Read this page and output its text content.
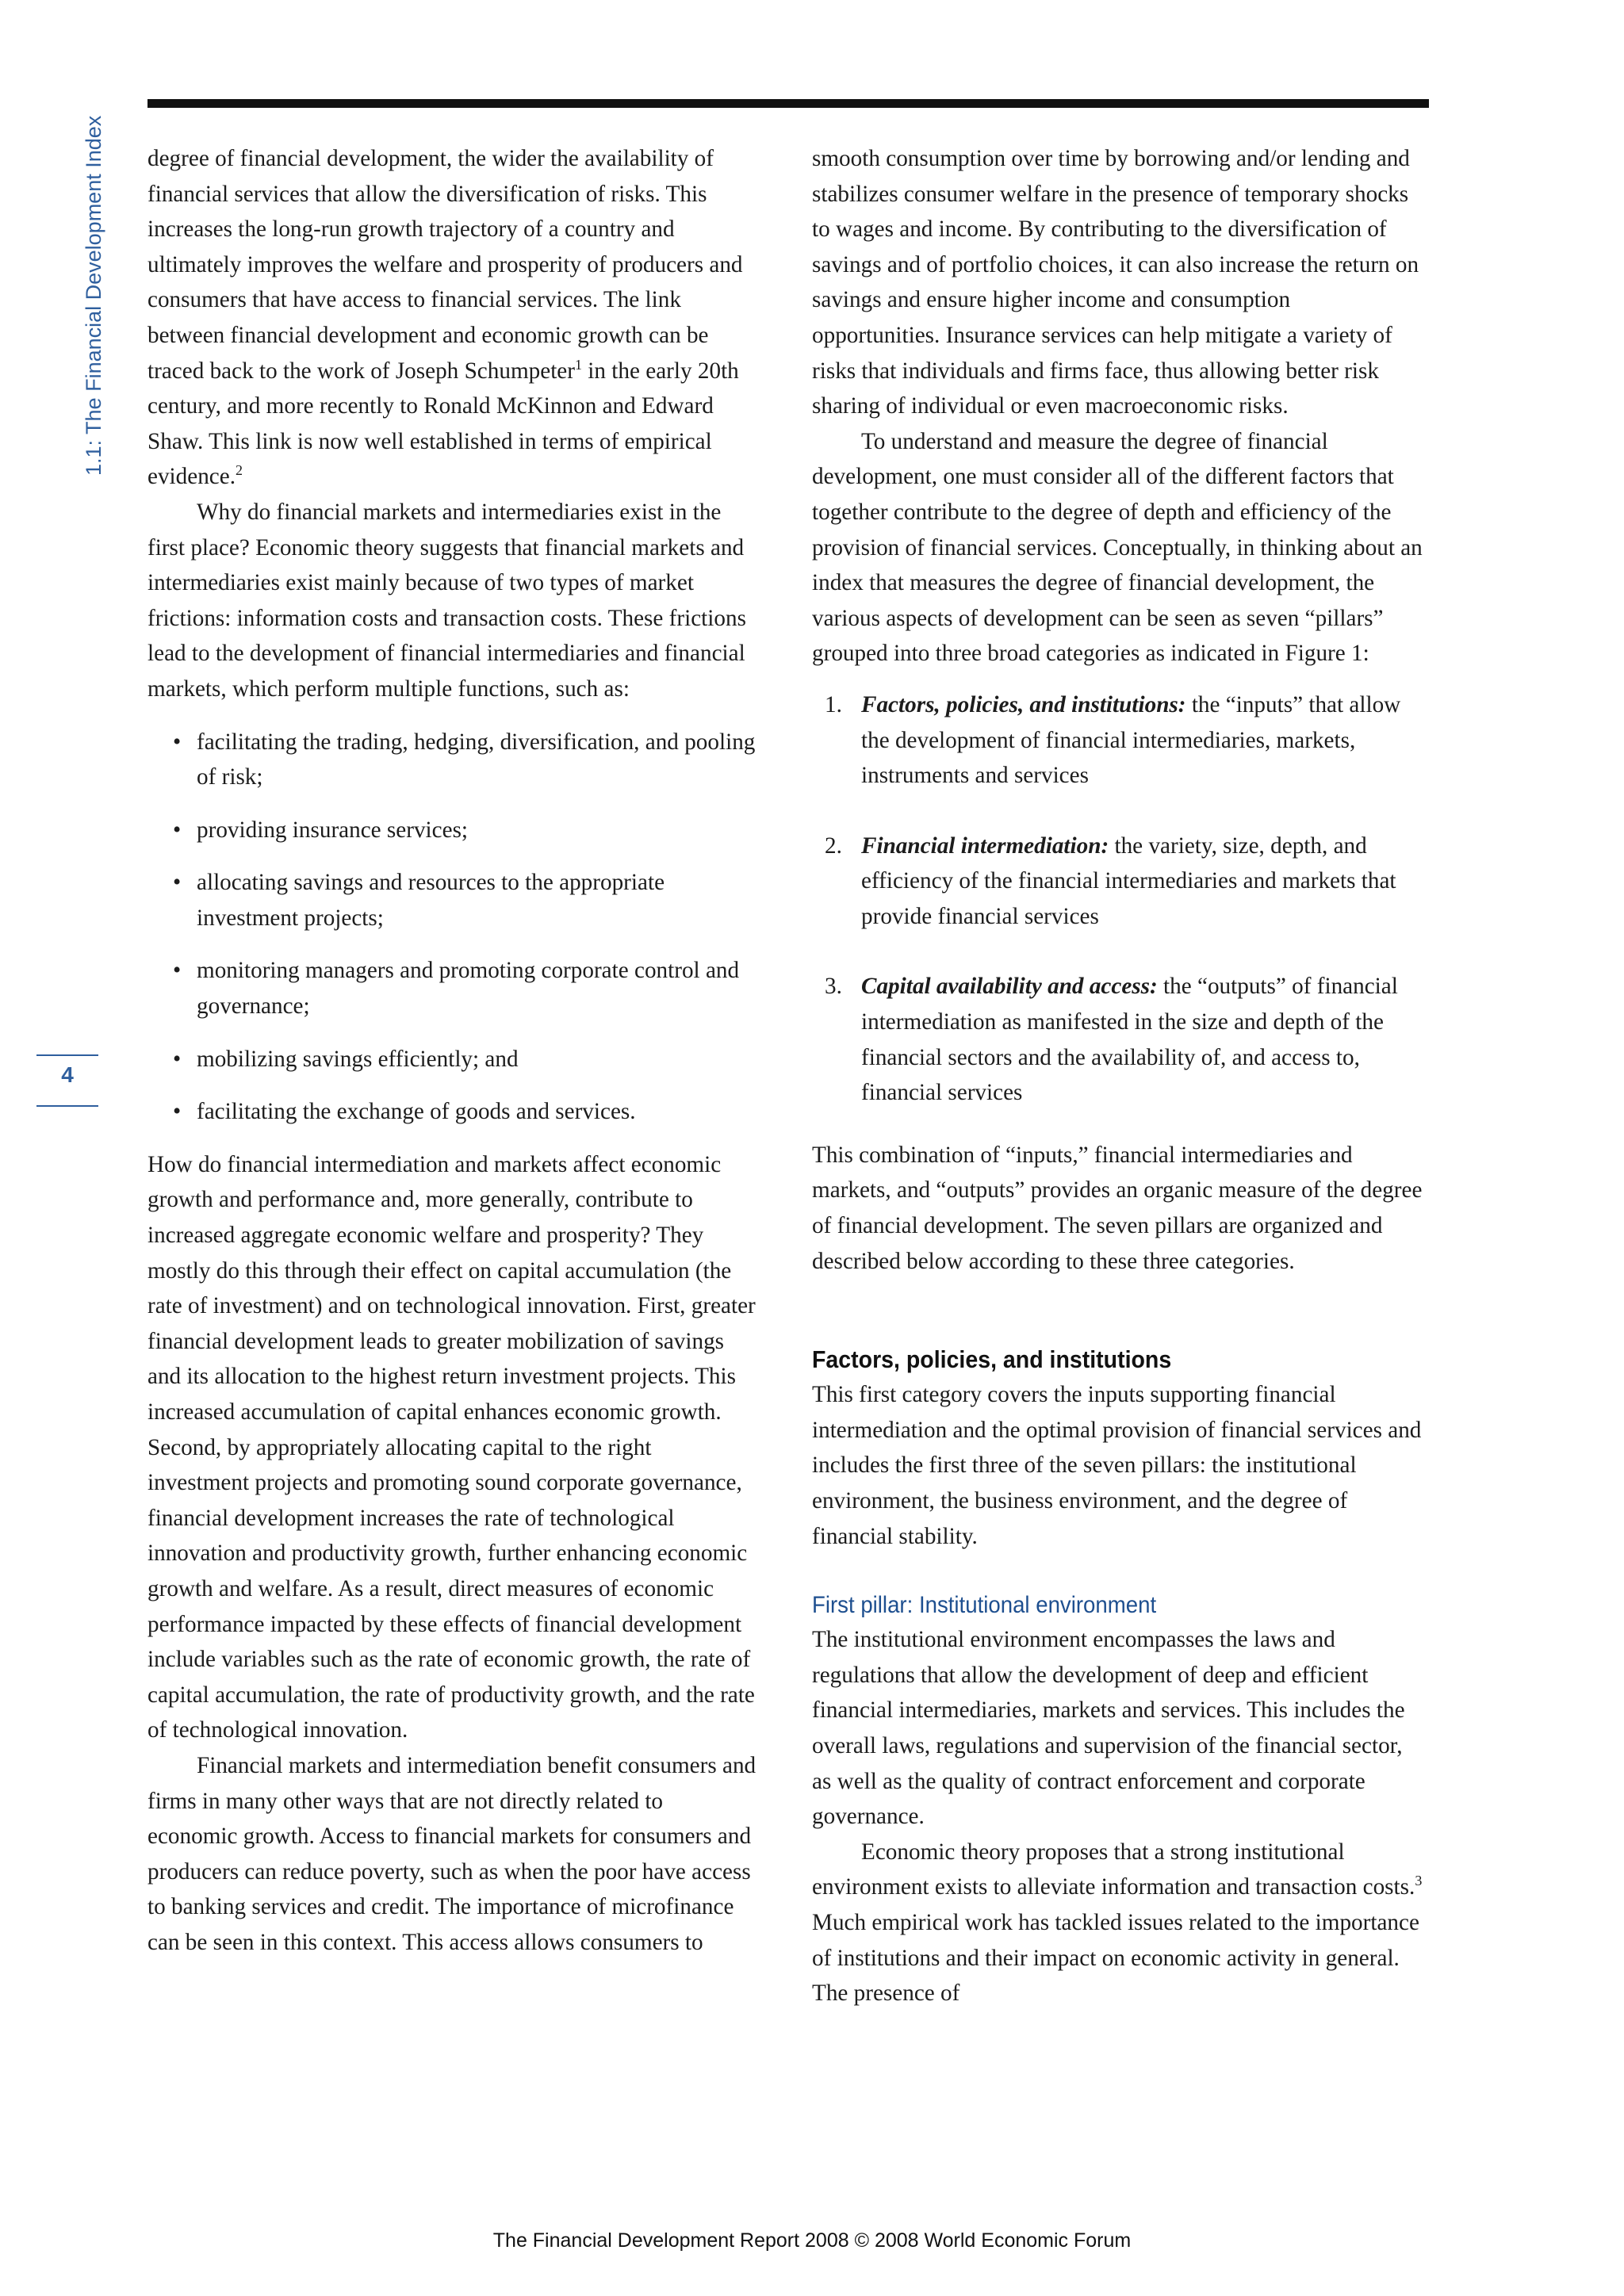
1.1: The Financial Development Index
4

degree of financial development, the wider the availability of financial services that allow the diversification of risks. This increases the long-run growth trajectory of a country and ultimately improves the welfare and prosperity of producers and consumers that have access to financial services. The link between financial development and economic growth can be traced back to the work of Joseph Schumpeter$^1$ in the early 20th century, and more recently to Ronald McKinnon and Edward Shaw. This link is now well established in terms of empirical evidence.$^2$

Why do financial markets and intermediaries exist in the first place? Economic theory suggests that financial markets and intermediaries exist mainly because of two types of market frictions: information costs and transaction costs. These frictions lead to the development of financial intermediaries and financial markets, which perform multiple functions, such as:

• facilitating the trading, hedging, diversification, and pooling of risk;
• providing insurance services;
• allocating savings and resources to the appropriate investment projects;
• monitoring managers and promoting corporate control and governance;
• mobilizing savings efficiently; and
• facilitating the exchange of goods and services.

How do financial intermediation and markets affect economic growth and performance and, more generally, contribute to increased aggregate economic welfare and prosperity? They mostly do this through their effect on capital accumulation (the rate of investment) and on technological innovation. First, greater financial development leads to greater mobilization of savings and its allocation to the highest return investment projects. This increased accumulation of capital enhances economic growth. Second, by appropriately allocating capital to the right investment projects and promoting sound corporate governance, financial development increases the rate of technological innovation and productivity growth, further enhancing economic growth and welfare. As a result, direct measures of economic performance impacted by these effects of financial development include variables such as the rate of economic growth, the rate of capital accumulation, the rate of productivity growth, and the rate of technological innovation.

Financial markets and intermediation benefit consumers and firms in many other ways that are not directly related to economic growth. Access to financial markets for consumers and producers can reduce poverty, such as when the poor have access to banking services and credit. The importance of microfinance can be seen in this context. This access allows consumers to

smooth consumption over time by borrowing and/or lending and stabilizes consumer welfare in the presence of temporary shocks to wages and income. By contributing to the diversification of savings and of portfolio choices, it can also increase the return on savings and ensure higher income and consumption opportunities. Insurance services can help mitigate a variety of risks that individuals and firms face, thus allowing better risk sharing of individual or even macroeconomic risks.

To understand and measure the degree of financial development, one must consider all of the different factors that together contribute to the degree of depth and efficiency of the provision of financial services. Conceptually, in thinking about an index that measures the degree of financial development, the various aspects of development can be seen as seven “pillars” grouped into three broad categories as indicated in Figure 1:

1. Factors, policies, and institutions: the “inputs” that allow the development of financial intermediaries, markets, instruments and services
2. Financial intermediation: the variety, size, depth, and efficiency of the financial intermediaries and markets that provide financial services
3. Capital availability and access: the “outputs” of financial intermediation as manifested in the size and depth of the financial sectors and the availability of, and access to, financial services

This combination of “inputs,” financial intermediaries and markets, and “outputs” provides an organic measure of the degree of financial development. The seven pillars are organized and described below according to these three categories.

Factors, policies, and institutions

This first category covers the inputs supporting financial intermediation and the optimal provision of financial services and includes the first three of the seven pillars: the institutional environment, the business environment, and the degree of financial stability.

First pillar: Institutional environment

The institutional environment encompasses the laws and regulations that allow the development of deep and efficient financial intermediaries, markets and services. This includes the overall laws, regulations and supervision of the financial sector, as well as the quality of contract enforcement and corporate governance.

Economic theory proposes that a strong institutional environment exists to alleviate information and transaction costs.$^3$ Much empirical work has tackled issues related to the importance of institutions and their impact on economic activity in general. The presence of

The Financial Development Report 2008 © 2008 World Economic Forum
